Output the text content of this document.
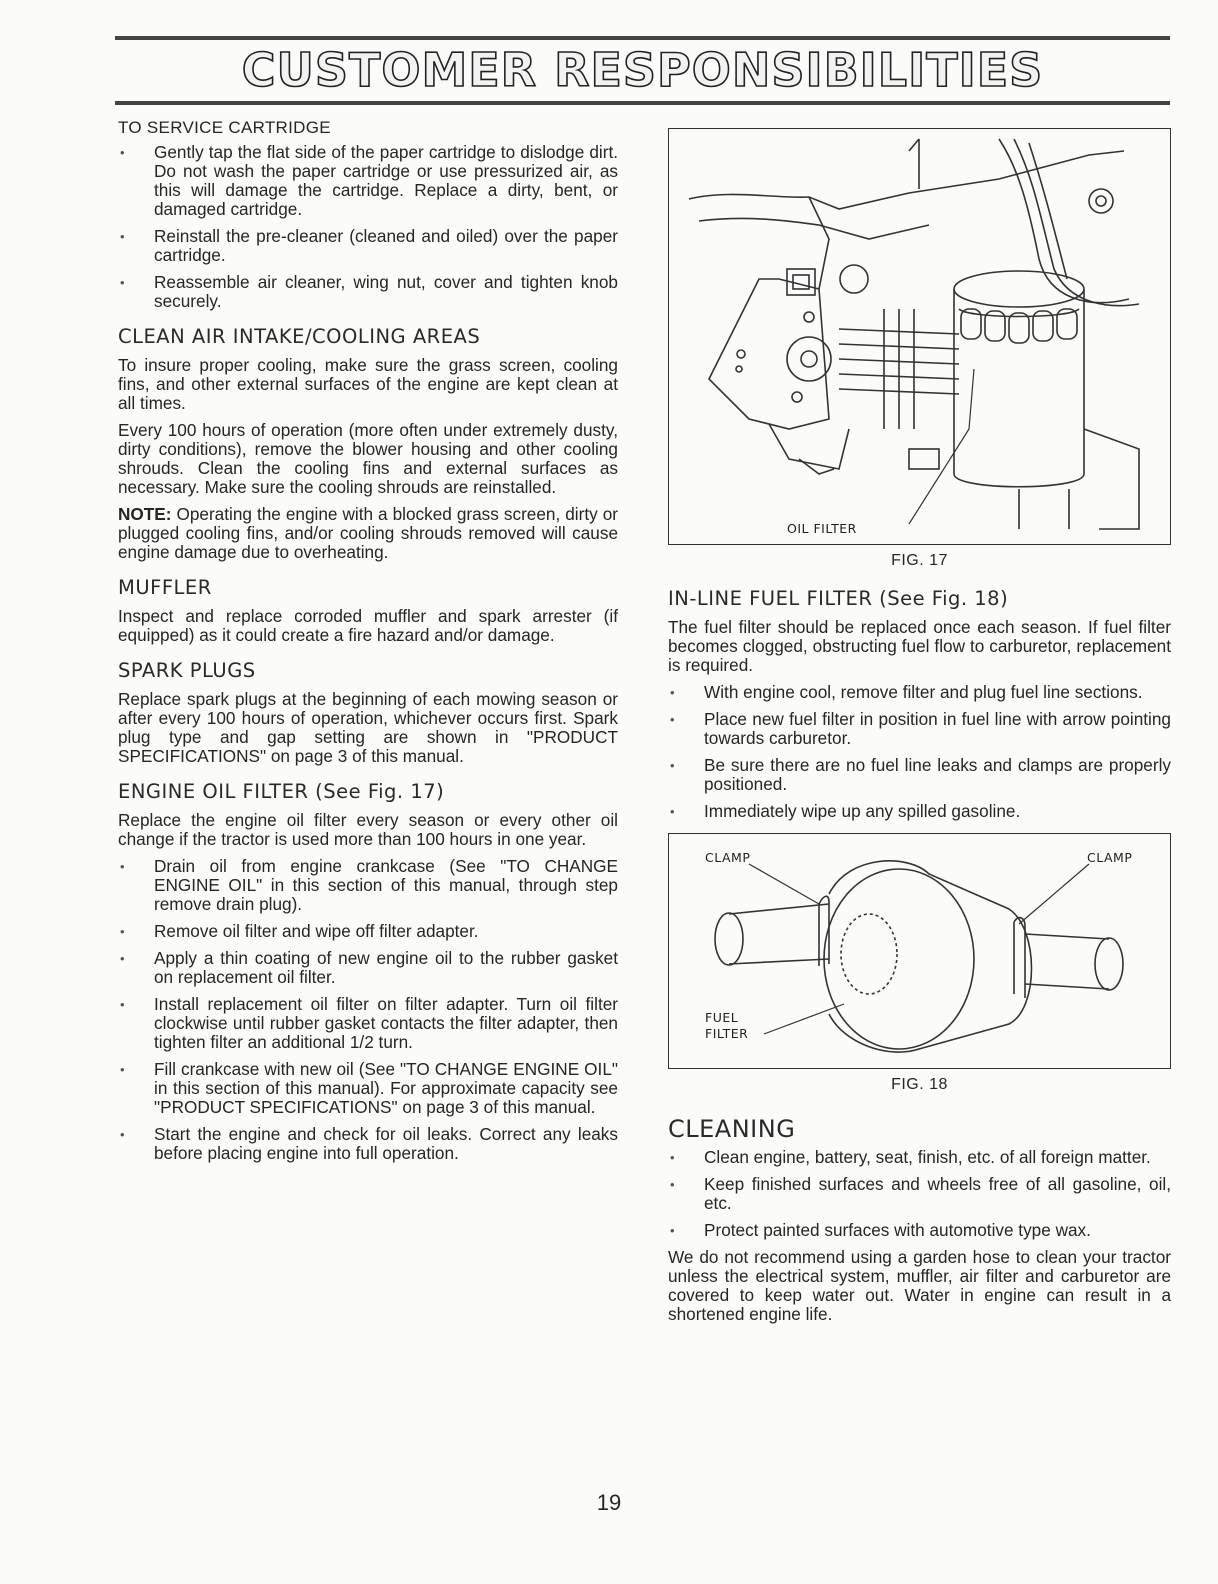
CUSTOMER RESPONSIBILITIES
TO SERVICE CARTRIDGE
• Gently tap the flat side of the paper cartridge to dislodge dirt. Do not wash the paper cartridge or use pressurized air, as this will damage the cartridge. Replace a dirty, bent, or damaged cartridge.
• Reinstall the pre-cleaner (cleaned and oiled) over the paper cartridge.
• Reassemble air cleaner, wing nut, cover and tighten knob securely.
CLEAN AIR INTAKE/COOLING AREAS

To insure proper cooling, make sure the grass screen, cooling fins, and other external surfaces of the engine are kept clean at all times.

Every 100 hours of operation (more often under extremely dusty, dirty conditions), remove the blower housing and other cooling shrouds. Clean the cooling fins and external surfaces as necessary. Make sure the cooling shrouds are reinstalled.

NOTE: Operating the engine with a blocked grass screen, dirty or plugged cooling fins, and/or cooling shrouds removed will cause engine damage due to overheating.

MUFFLER

Inspect and replace corroded muffler and spark arrester (if equipped) as it could create a fire hazard and/or damage.

SPARK PLUGS

Replace spark plugs at the beginning of each mowing season or after every 100 hours of operation, whichever occurs first. Spark plug type and gap setting are shown in "PRODUCT SPECIFICATIONS" on page 3 of this manual.

ENGINE OIL FILTER (See Fig. 17)

Replace the engine oil filter every season or every other oil change if the tractor is used more than 100 hours in one year.

• Drain oil from engine crankcase (See "TO CHANGE ENGINE OIL" in this section of this manual, through step remove drain plug).
• Remove oil filter and wipe off filter adapter.
• Apply a thin coating of new engine oil to the rubber gasket on replacement oil filter.
• Install replacement oil filter on filter adapter. Turn oil filter clockwise until rubber gasket contacts the filter adapter, then tighten filter an additional 1/2 turn.
• Fill crankcase with new oil (See "TO CHANGE ENGINE OIL" in this section of this manual). For approximate capacity see "PRODUCT SPECIFICATIONS" on page 3 of this manual.
• Start the engine and check for oil leaks. Correct any leaks before placing engine into full operation.
OIL FILTER
FIG. 17
IN-LINE FUEL FILTER (See Fig. 18)

The fuel filter should be replaced once each season. If fuel filter becomes clogged, obstructing fuel flow to carburetor, replacement is required.

• With engine cool, remove filter and plug fuel line sections.
• Place new fuel filter in position in fuel line with arrow pointing towards carburetor.
• Be sure there are no fuel line leaks and clamps are properly positioned.
• Immediately wipe up any spilled gasoline.
CLAMP	CLAMP
FUEL
FILTER
FIG. 18
CLEANING
• Clean engine, battery, seat, finish, etc. of all foreign matter.
• Keep finished surfaces and wheels free of all gasoline, oil, etc.
• Protect painted surfaces with automotive type wax.

We do not recommend using a garden hose to clean your tractor unless the electrical system, muffler, air filter and carburetor are covered to keep water out. Water in engine can result in a shortened engine life.

19
